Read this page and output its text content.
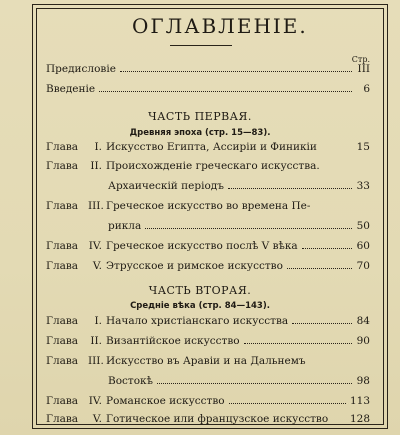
ОГЛАВЛЕНІЕ.
Стр.
Предисловіе	III
Введеніе	6
ЧАСТЬ ПЕРВАЯ.
Древняя эпоха (стр. 15—83).
Глава	I. Искусство Египта, Ассиріи и Финикіи	15
Глава	II. Происхожденіе греческаго искусства.
Архаическій періодъ	33
Глава III. Греческое искусство во времена Пе-
рикла	50
Глава	IV. Греческое искусство послѣ V вѣка	60
Глава	V. Этрусское и римское искусство	70
ЧАСТЬ ВТОРАЯ.
Средніе вѣка (стр. 84—143).
Глава	I. Начало христіанскаго искусства	84
Глава	II. Византійское искусство	90
Глава III. Искусство въ Аравіи и на Дальнемъ
Востокѣ	98
Глава	IV. Романское искусство	113
Глава	V. Готическое или французское искусство 128
